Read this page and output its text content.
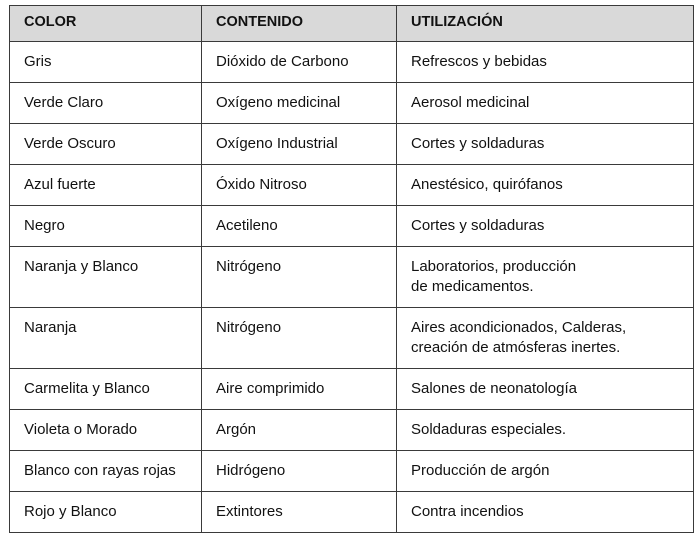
COLOR	CONTENIDO	UTILIZACIÓN
Gris	Dióxido de Carbono	Refrescos y bebidas

Verde Claro	Oxígeno medicinal	Aerosol medicinal

Verde Oscuro	Oxígeno Industrial	Cortes y soldaduras

Azul fuerte	Óxido Nitroso	Anestésico, quirófanos

Negro	Acetileno	Cortes y soldaduras

Naranja y Blanco	Nitrógeno	Laboratorios, producción
de medicamentos.

Naranja	Nitrógeno	Aires acondicionados, Calderas,
creación de atmósferas inertes.

Carmelita y Blanco	Aire comprimido	Salones de neonatología

Violeta o Morado	Argón	Soldaduras especiales.

Blanco con rayas rojas	Hidrógeno	Producción de argón

Rojo y Blanco	Extintores	Contra incendios
